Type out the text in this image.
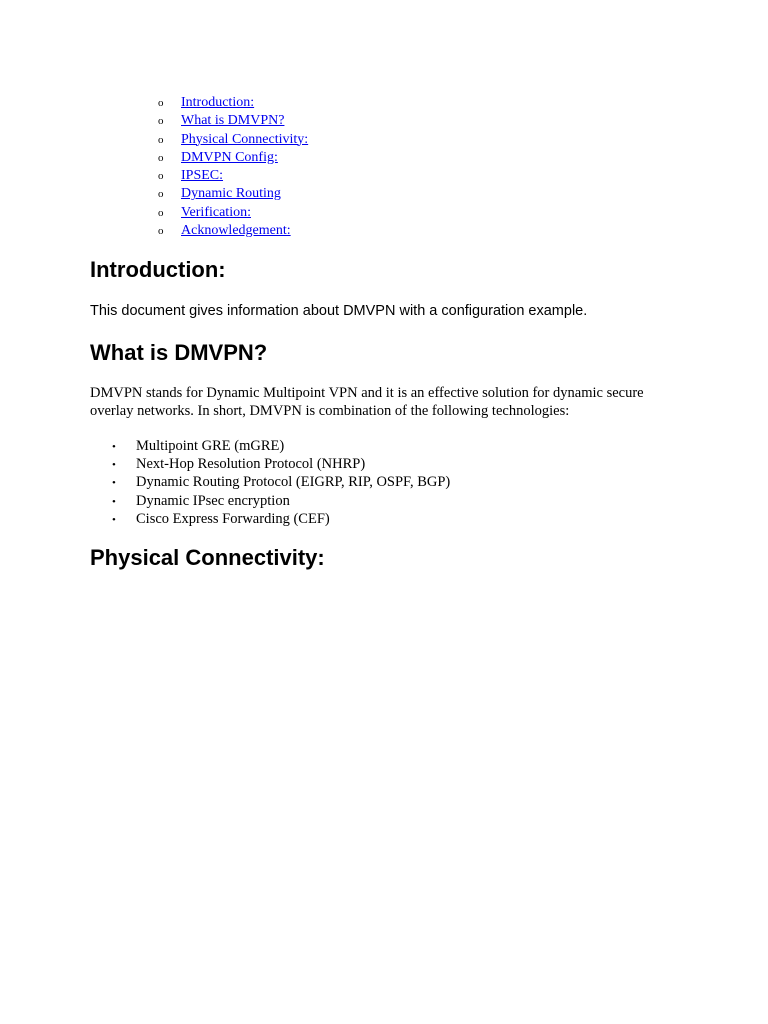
o Introduction:
o What is DMVPN?
o Physical Connectivity:
o DMVPN Config:
o IPSEC:
o Dynamic Routing
o Verification:
o Acknowledgement:
Introduction:

This document gives information about DMVPN with a configuration example.

What is DMVPN?

DMVPN stands for Dynamic Multipoint VPN and it is an effective solution for dynamic secure overlay networks. In short, DMVPN is combination of the following technologies:

• Multipoint GRE (mGRE)
• Next-Hop Resolution Protocol (NHRP)
• Dynamic Routing Protocol (EIGRP, RIP, OSPF, BGP)
• Dynamic IPsec encryption
• Cisco Express Forwarding (CEF)
Physical Connectivity:
